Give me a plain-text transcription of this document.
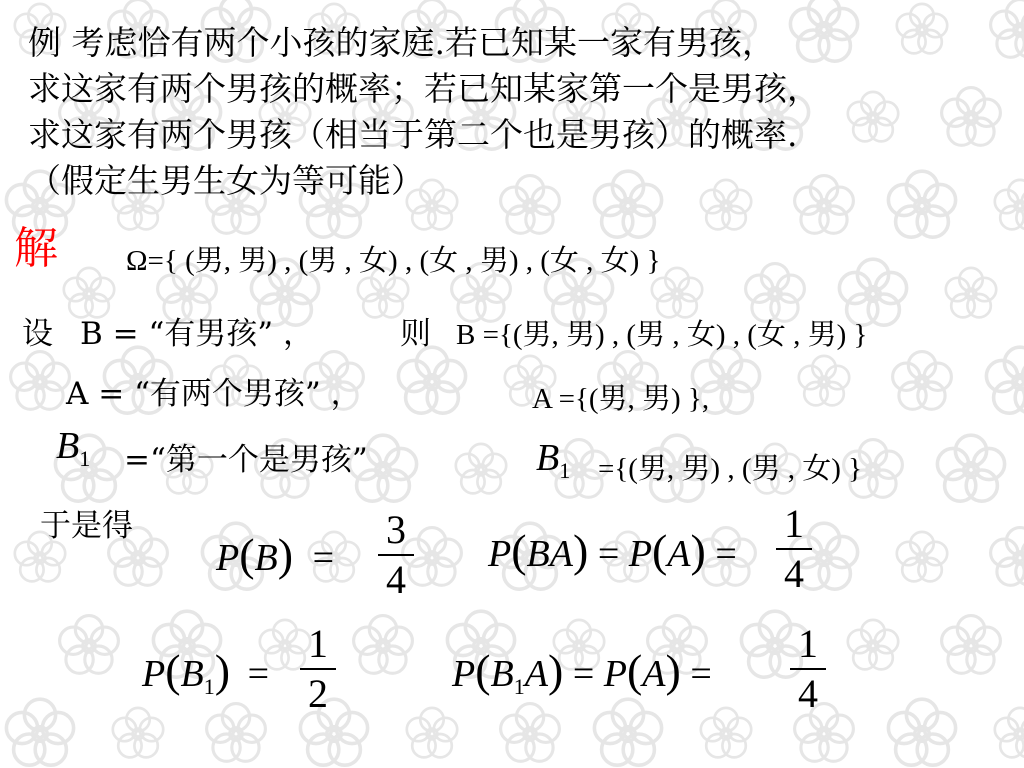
例 考虑恰有两个小孩的家庭.若已知某一家有男孩，
求这家有两个男孩的概率；若已知某家第一个是男孩，
求这家有两个男孩（相当于第二个也是男孩）的概率.
（假定生男生女为等可能）
解 Ω={ (男, 男) , (男 , 女) , (女 , 男) , (女 , 女) }
设 B = “有男孩” ，	则 B ={(男, 男) , (男 , 女) , (女 , 男) }
A = “有两个男孩” ，	A ={(男, 男) },
$B_1$ =“第一个是男孩”	$B_1$ ={(男, 男) , (男 , 女) }
于是得
P(B) =
3
4
P(BA) = P(A) =
1
4
$P(B_1)$ =
1
2	$P(B_1A) = P(A)$ =
1
4
